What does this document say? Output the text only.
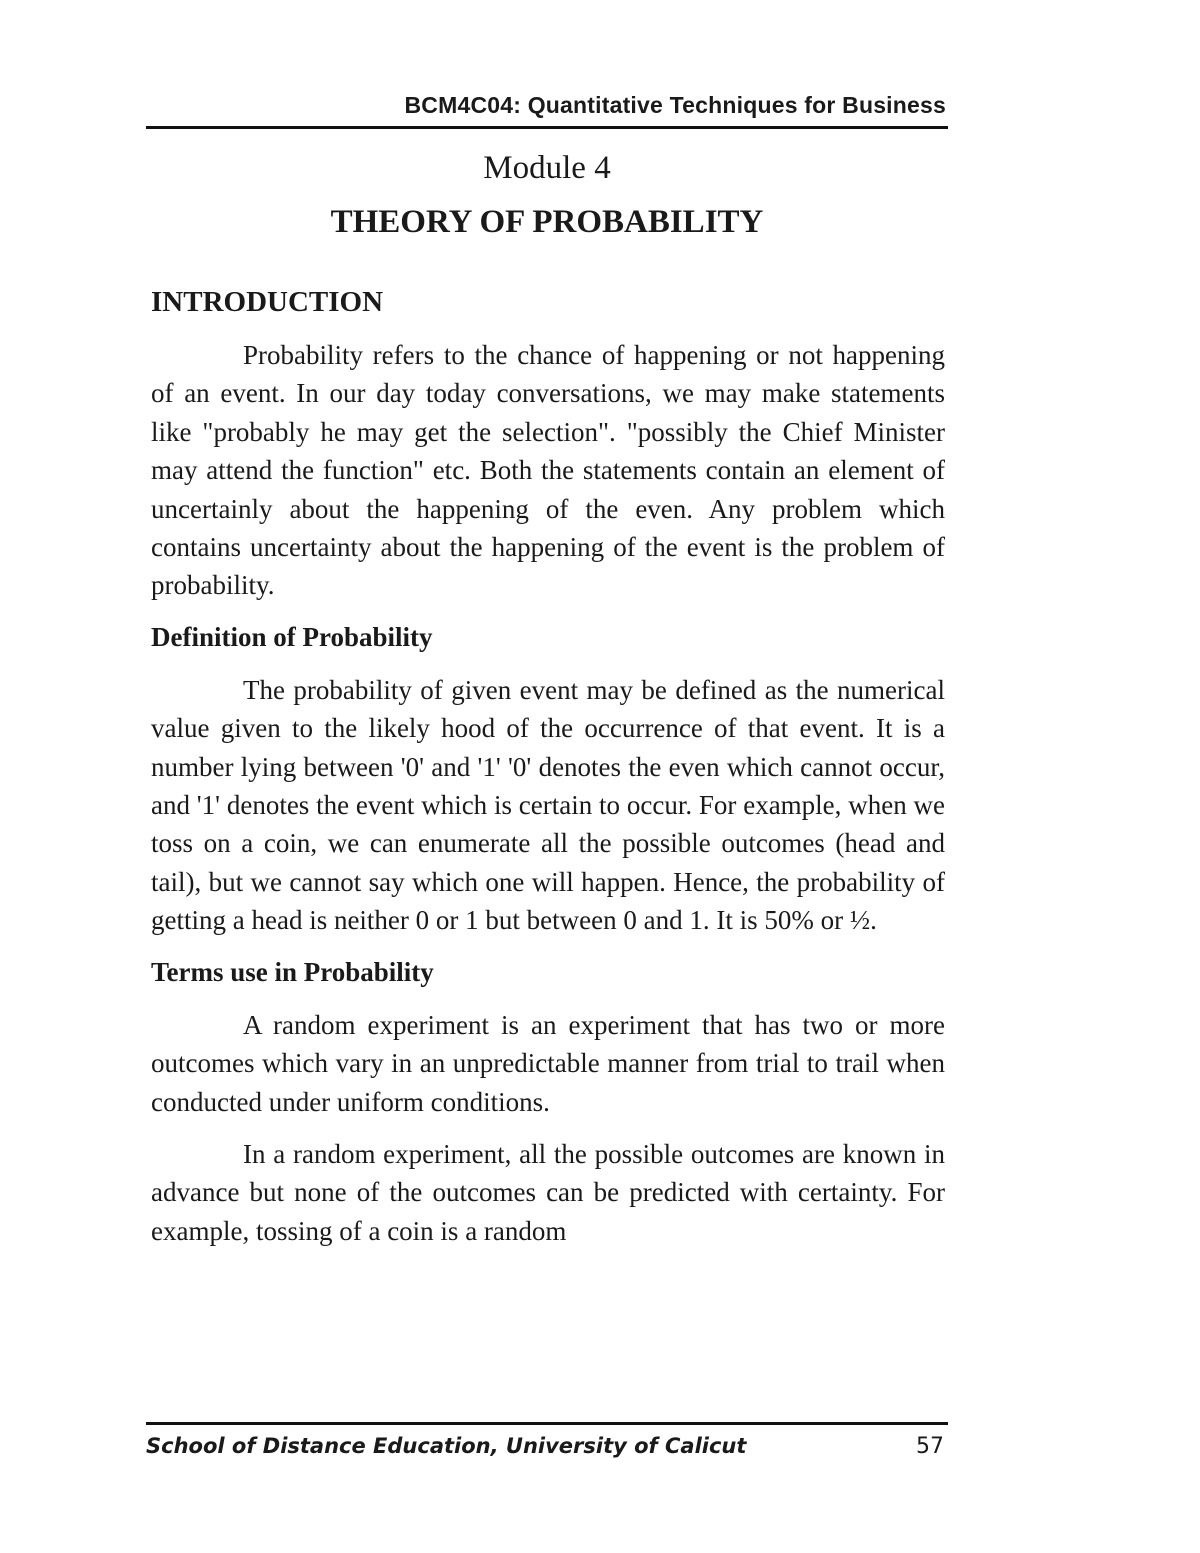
BCM4C04: Quantitative Techniques for Business
Module 4
THEORY OF PROBABILITY
INTRODUCTION

Probability refers to the chance of happening or not happening of an event. In our day today conversations, we may make statements like "probably he may get the selection". "possibly the Chief Minister may attend the function" etc. Both the statements contain an element of uncertainly about the happening of the even. Any problem which contains uncertainty about the happening of the event is the problem of probability.

Definition of Probability

The probability of given event may be defined as the numerical value given to the likely hood of the occurrence of that event. It is a number lying between '0' and '1' '0' denotes the even which cannot occur, and '1' denotes the event which is certain to occur. For example, when we toss on a coin, we can enumerate all the possible outcomes (head and tail), but we cannot say which one will happen. Hence, the probability of getting a head is neither 0 or 1 but between 0 and 1. It is 50% or ½.

Terms use in Probability

A random experiment is an experiment that has two or more outcomes which vary in an unpredictable manner from trial to trail when conducted under uniform conditions.

In a random experiment, all the possible outcomes are known in advance but none of the outcomes can be predicted with certainty. For example, tossing of a coin is a random

School of Distance Education, University of Calicut	57
